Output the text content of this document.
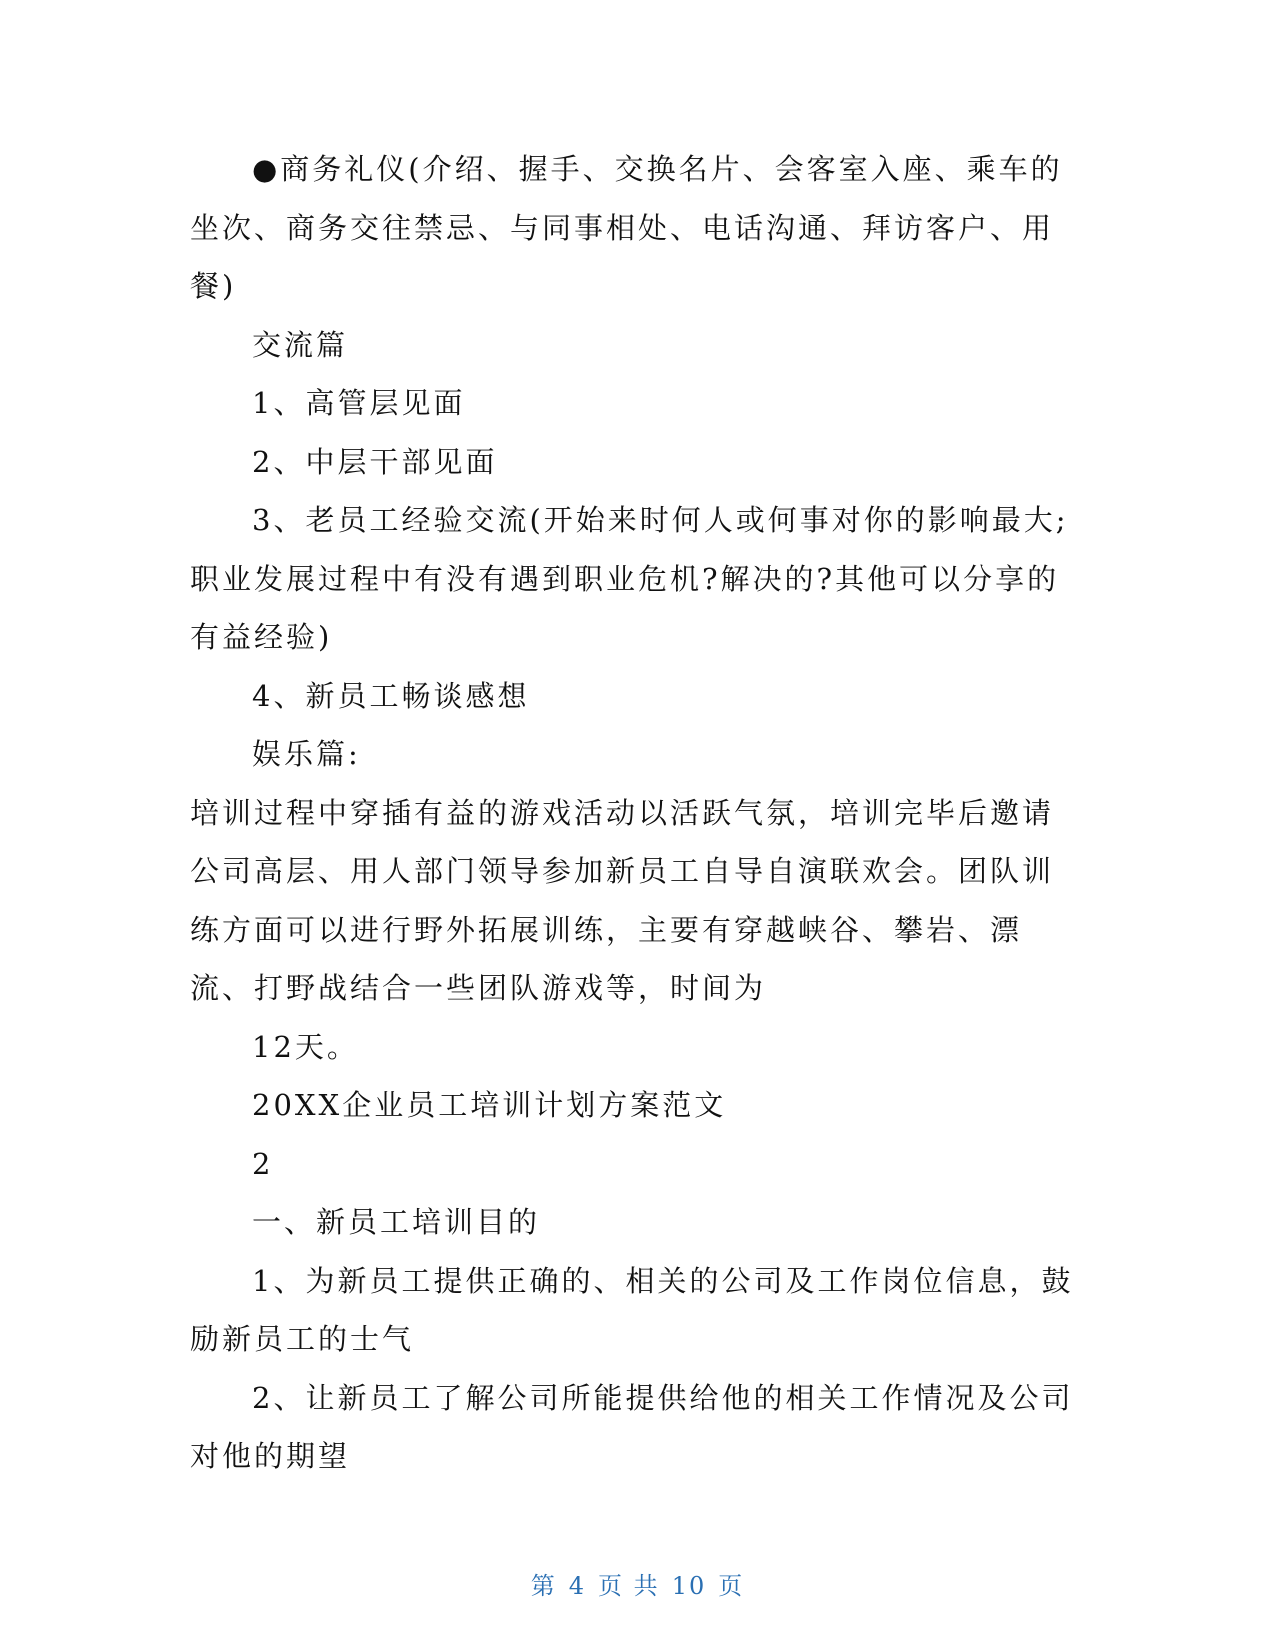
●商务礼仪(介绍、握手、交换名片、会客室入座、乘车的坐次、商务交往禁忌、与同事相处、电话沟通、拜访客户、用餐)

交流篇

1、高管层见面

2、中层干部见面

3、老员工经验交流(开始来时何人或何事对你的影响最大;职业发展过程中有没有遇到职业危机?解决的?其他可以分享的有益经验)

4、新员工畅谈感想

娱乐篇:

培训过程中穿插有益的游戏活动以活跃气氛，培训完毕后邀请公司高层、用人部门领导参加新员工自导自演联欢会。团队训练方面可以进行野外拓展训练，主要有穿越峡谷、攀岩、漂流、打野战结合一些团队游戏等，时间为

12天。

20XX企业员工培训计划方案范文

2

一、新员工培训目的

1、为新员工提供正确的、相关的公司及工作岗位信息，鼓励新员工的士气

2、让新员工了解公司所能提供给他的相关工作情况及公司对他的期望

第 4 页 共 10 页
